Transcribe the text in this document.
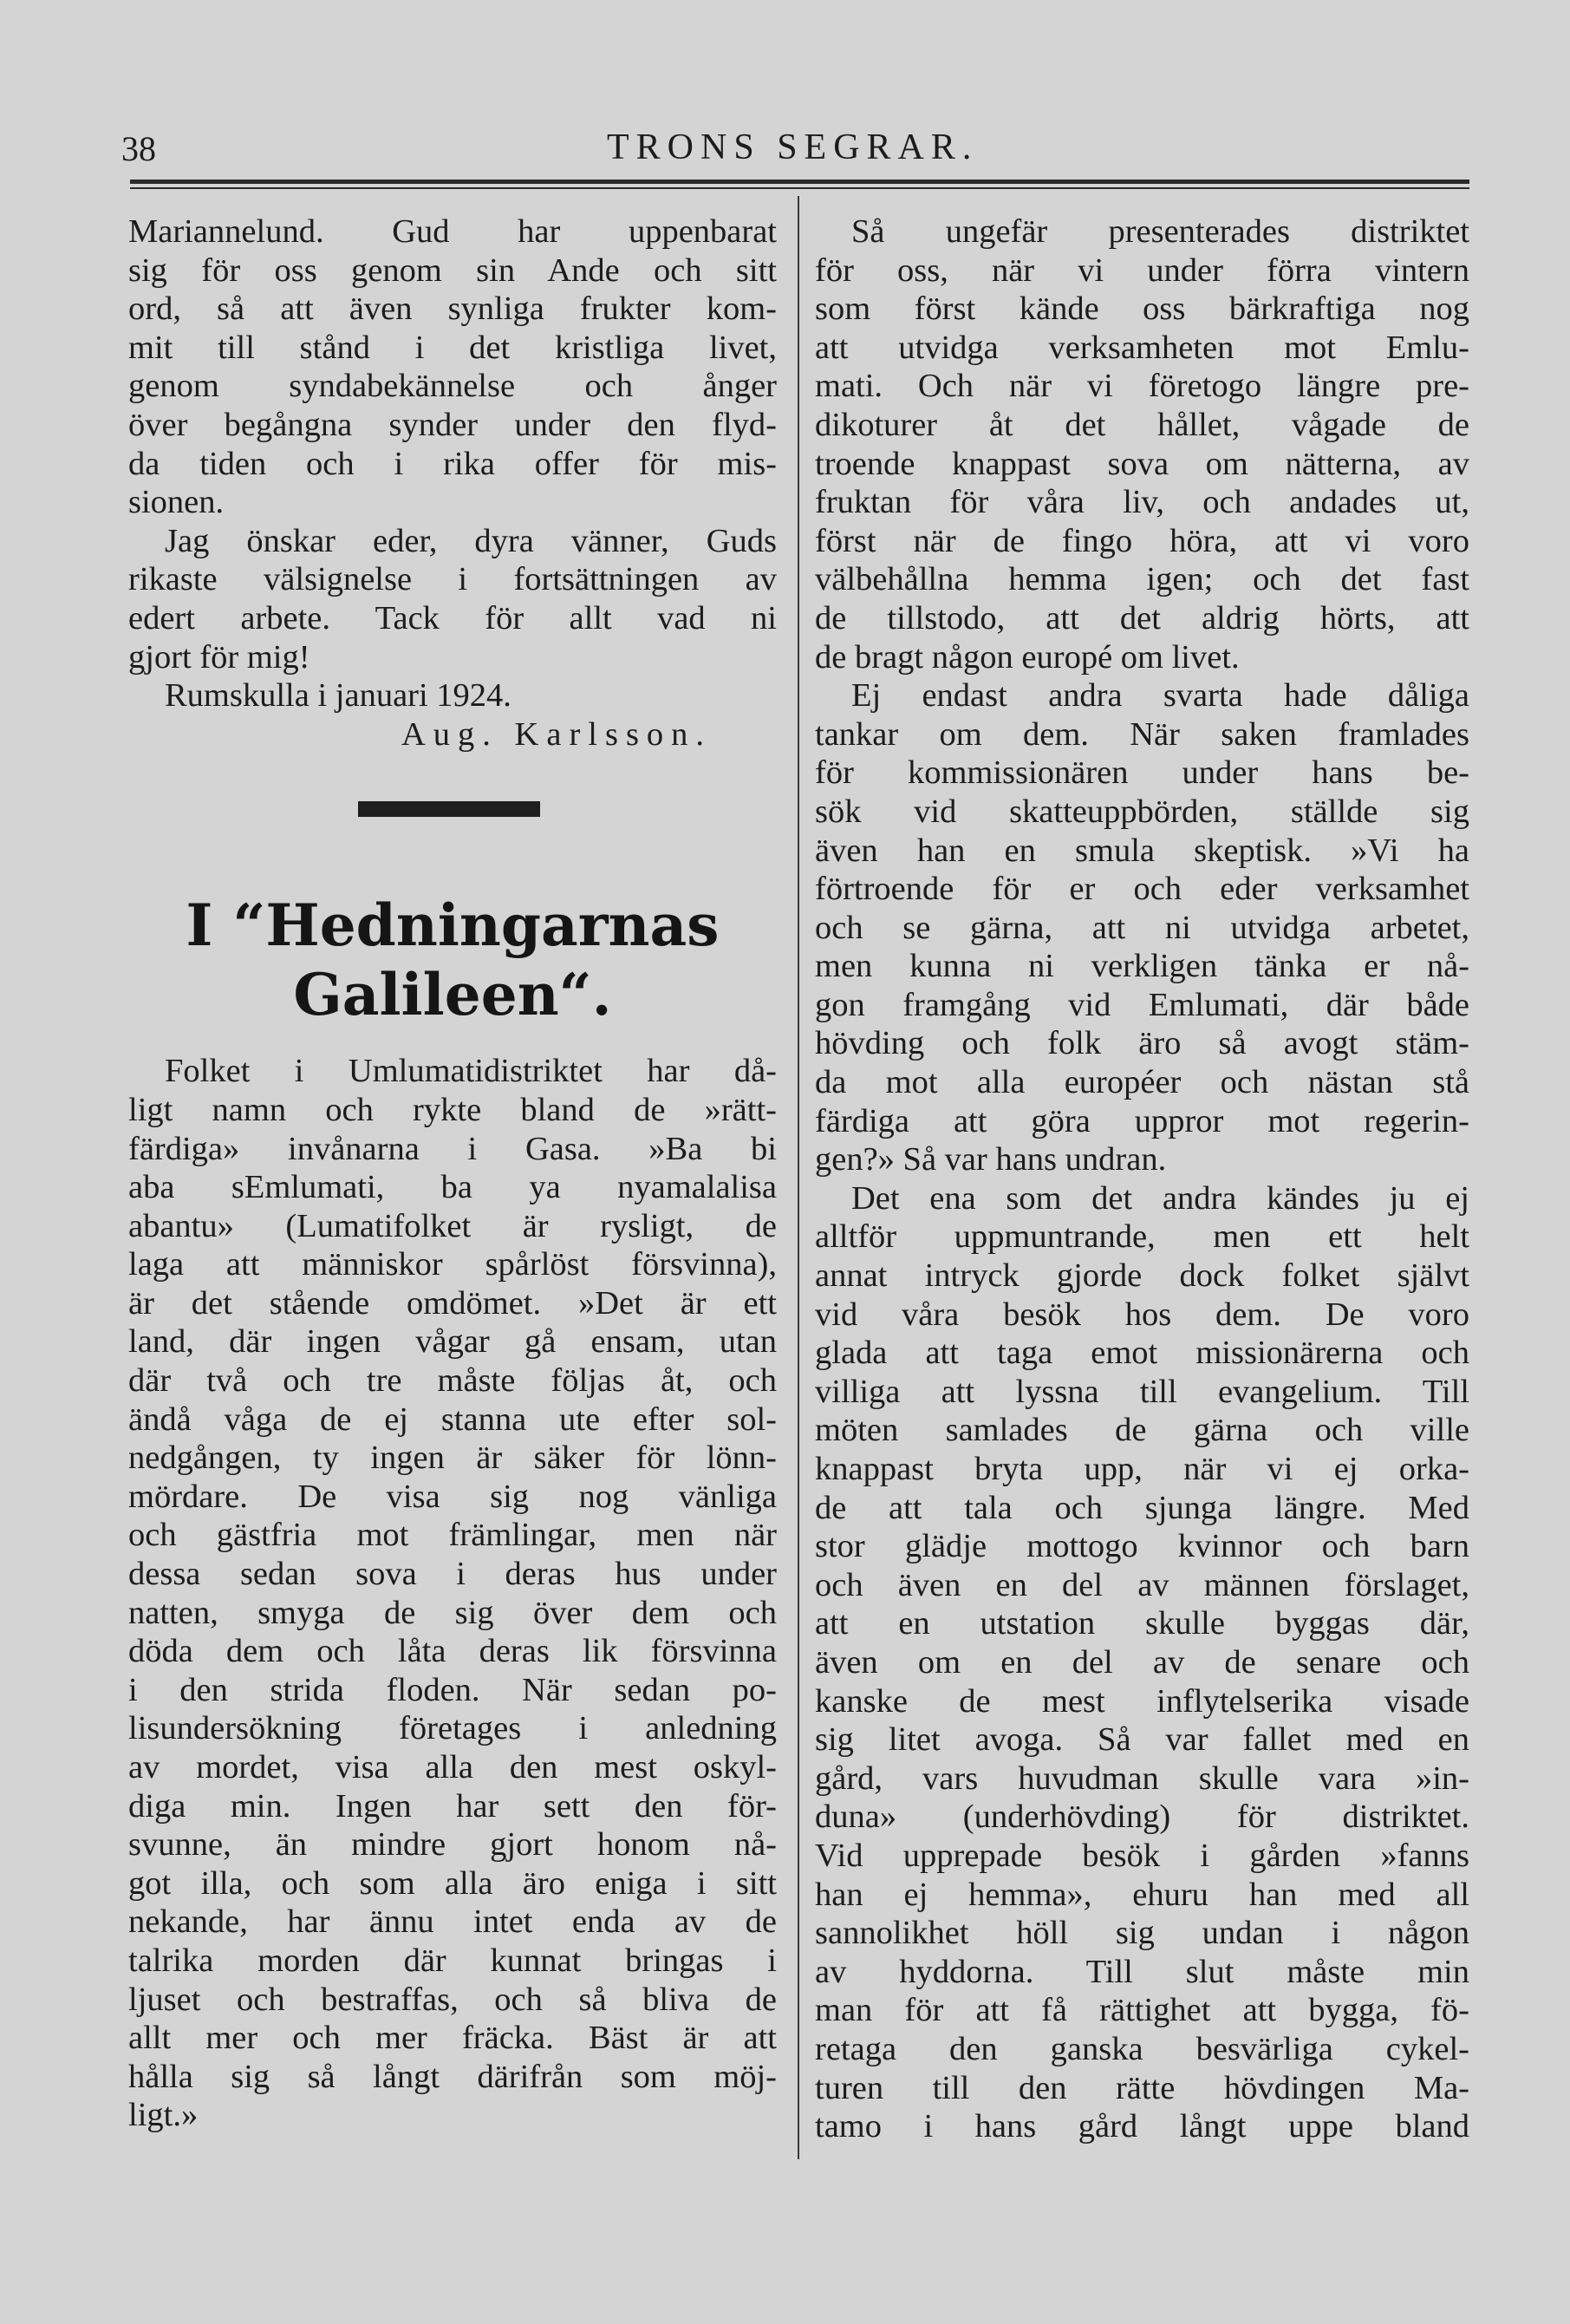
38	TRONS SEGRAR.
Mariannelund. Gud har uppenbarat
sig för oss genom sin Ande och sitt
ord, så att även synliga frukter kom-
mit till stånd i det kristliga livet,
genom syndabekännelse och ånger
över begångna synder under den flyd-
da tiden och i rika offer för mis-
sionen.
Jag önskar eder, dyra vänner, Guds
rikaste välsignelse i fortsättningen av
edert arbete. Tack för allt vad ni
gjort för mig!
Rumskulla i januari 1924.
Aug. Karlsson.
I “Hedningarnas
Galileen“.
Folket i Umlumatidistriktet har då-
ligt namn och rykte bland de »rätt-
färdiga» invånarna i Gasa. »Ba bi
aba sEmlumati, ba ya nyamalalisa
abantu» (Lumatifolket är rysligt, de
laga att människor spårlöst försvinna),
är det stående omdömet. »Det är ett
land, där ingen vågar gå ensam, utan
där två och tre måste följas åt, och
ändå våga de ej stanna ute efter sol-
nedgången, ty ingen är säker för lönn-
mördare. De visa sig nog vänliga
och gästfria mot främlingar, men när
dessa sedan sova i deras hus under
natten, smyga de sig över dem och
döda dem och låta deras lik försvinna
i den strida floden. När sedan po-
lisundersökning företages i anledning
av mordet, visa alla den mest oskyl-
diga min. Ingen har sett den för-
svunne, än mindre gjort honom nå-
got illa, och som alla äro eniga i sitt
nekande, har ännu intet enda av de
talrika morden där kunnat bringas i
ljuset och bestraffas, och så bliva de
allt mer och mer fräcka. Bäst är att
hålla sig så långt därifrån som möj-
ligt.»
Så ungefär presenterades distriktet
för oss, när vi under förra vintern
som först kände oss bärkraftiga nog
att utvidga verksamheten mot Emlu-
mati. Och när vi företogo längre pre-
dikoturer åt det hållet, vågade de
troende knappast sova om nätterna, av
fruktan för våra liv, och andades ut,
först när de fingo höra, att vi voro
välbehållna hemma igen; och det fast
de tillstodo, att det aldrig hörts, att
de bragt någon europé om livet.
Ej endast andra svarta hade dåliga
tankar om dem. När saken framlades
för kommissionären under hans be-
sök vid skatteuppbörden, ställde sig
även han en smula skeptisk. »Vi ha
förtroende för er och eder verksamhet
och se gärna, att ni utvidga arbetet,
men kunna ni verkligen tänka er nå-
gon framgång vid Emlumati, där både
hövding och folk äro så avogt stäm-
da mot alla européer och nästan stå
färdiga att göra uppror mot regerin-
gen?» Så var hans undran.
Det ena som det andra kändes ju ej
alltför uppmuntrande, men ett helt
annat intryck gjorde dock folket självt
vid våra besök hos dem. De voro
glada att taga emot missionärerna och
villiga att lyssna till evangelium. Till
möten samlades de gärna och ville
knappast bryta upp, när vi ej orka-
de att tala och sjunga längre. Med
stor glädje mottogo kvinnor och barn
och även en del av männen förslaget,
att en utstation skulle byggas där,
även om en del av de senare och
kanske de mest inflytelserika visade
sig litet avoga. Så var fallet med en
gård, vars huvudman skulle vara »in-
duna» (underhövding) för distriktet.
Vid upprepade besök i gården »fanns
han ej hemma», ehuru han med all
sannolikhet höll sig undan i någon
av hyddorna. Till slut måste min
man för att få rättighet att bygga, fö-
retaga den ganska besvärliga cykel-
turen till den rätte hövdingen Ma-
tamo i hans gård långt uppe bland
